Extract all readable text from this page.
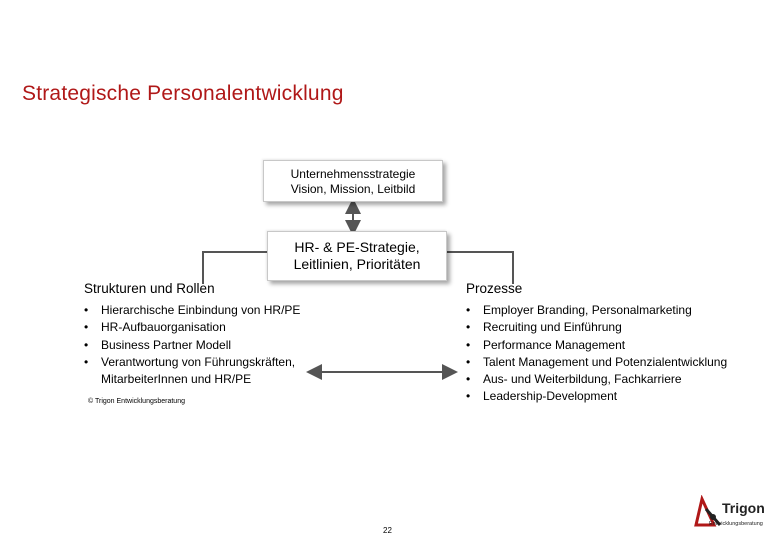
Strategische Personalentwicklung
Unternehmensstrategie
Vision, Mission, Leitbild
HR- & PE-Strategie,
Leitlinien, Prioritäten
Strukturen und Rollen	Prozesse
• Hierarchische Einbindung von HR/PE
• HR-Aufbauorganisation
• Business Partner Modell
• Verantwortung von Führungskräften, MitarbeiterInnen und HR/PE
• Employer Branding, Personalmarketing
• Recruiting und Einführung
• Performance Management
• Talent Management und Potenzialentwicklung
• Aus- und Weiterbildung, Fachkarriere
• Leadership-Development
© Trigon Entwicklungsberatung
22
Trigon
Entwicklungsberatung
